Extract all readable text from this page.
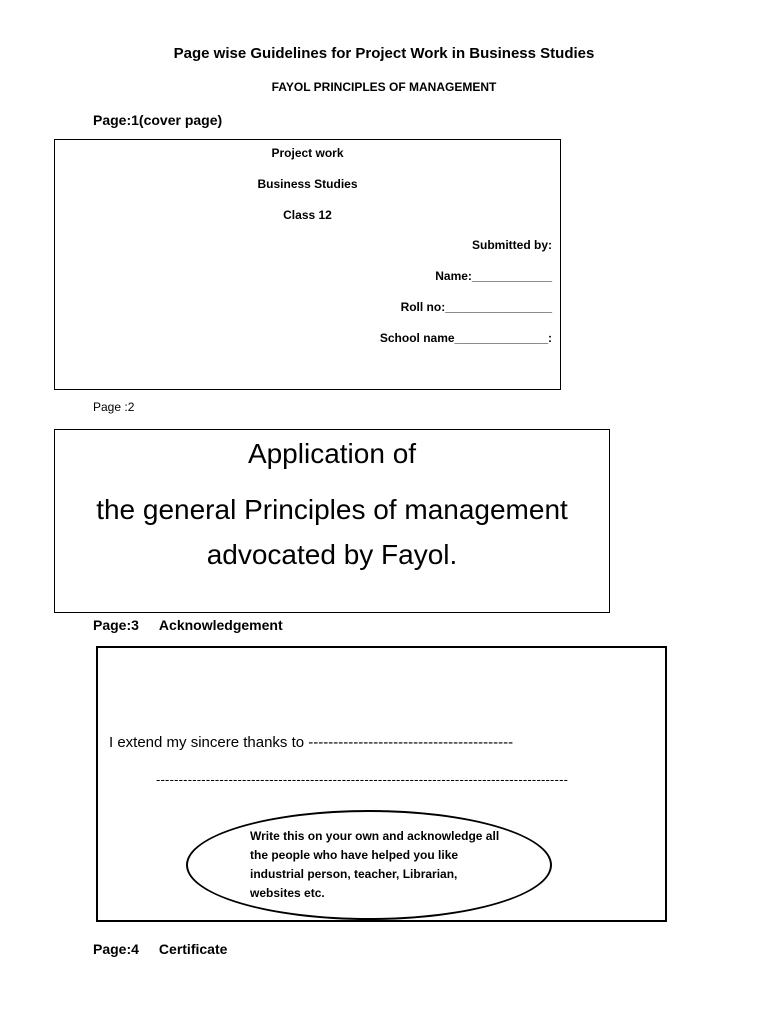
Page wise Guidelines for Project Work in Business Studies
FAYOL PRINCIPLES OF MANAGEMENT
Page:1(cover page)
Project work
Business Studies
Class 12
Submitted by:
Name:____________
Roll no:________________
School name______________:
Page :2
Application of
the general Principles of management
advocated by Fayol.
Page:3 Acknowledgement
I extend my sincere thanks to -----------------------------------------
-------------------------------------------------------------------------------------------
Write this on your own and acknowledge all the people who have helped you like industrial person, teacher, Librarian, websites etc.
Page:4 Certificate
